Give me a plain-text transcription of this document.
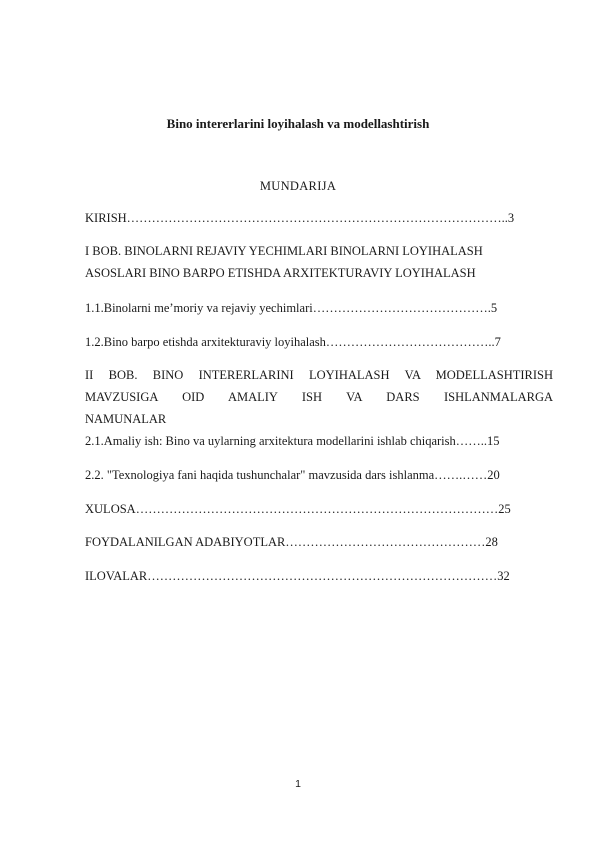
Bino intererlarini loyihalash va modellashtirish
MUNDARIJA
KIRISH………………………………………………………………………………..3
I BOB. BINOLARNI REJAVIY YECHIMLARI BINOLARNI LOYIHALASH
ASOSLARI BINO BARPO ETISHDA ARXITEKTURAVIY LOYIHALASH
1.1.Binolarni me’moriy va rejaviy yechimlari…………………………………….5
1.2.Bino barpo etishda arxitekturaviy loyihalash…………………………………..7
II BOB. BINO INTERERLARINI LOYIHALASH VA MODELLASHTIRISH
MAVZUSIGA OID AMALIY ISH VA DARS ISHLANMALARGA
NAMUNALAR
2.1.Amaliy ish: Bino va uylarning arxitektura modellarini ishlab chiqarish……..15
2.2. "Texnologiya fani haqida tushunchalar" mavzusida dars ishlanma…….……20
XULOSA……………………………………………………………………………25
FOYDALANILGAN ADABIYOTLAR…………………………………………28
ILOVALAR…………………………………………………………………………32
1
